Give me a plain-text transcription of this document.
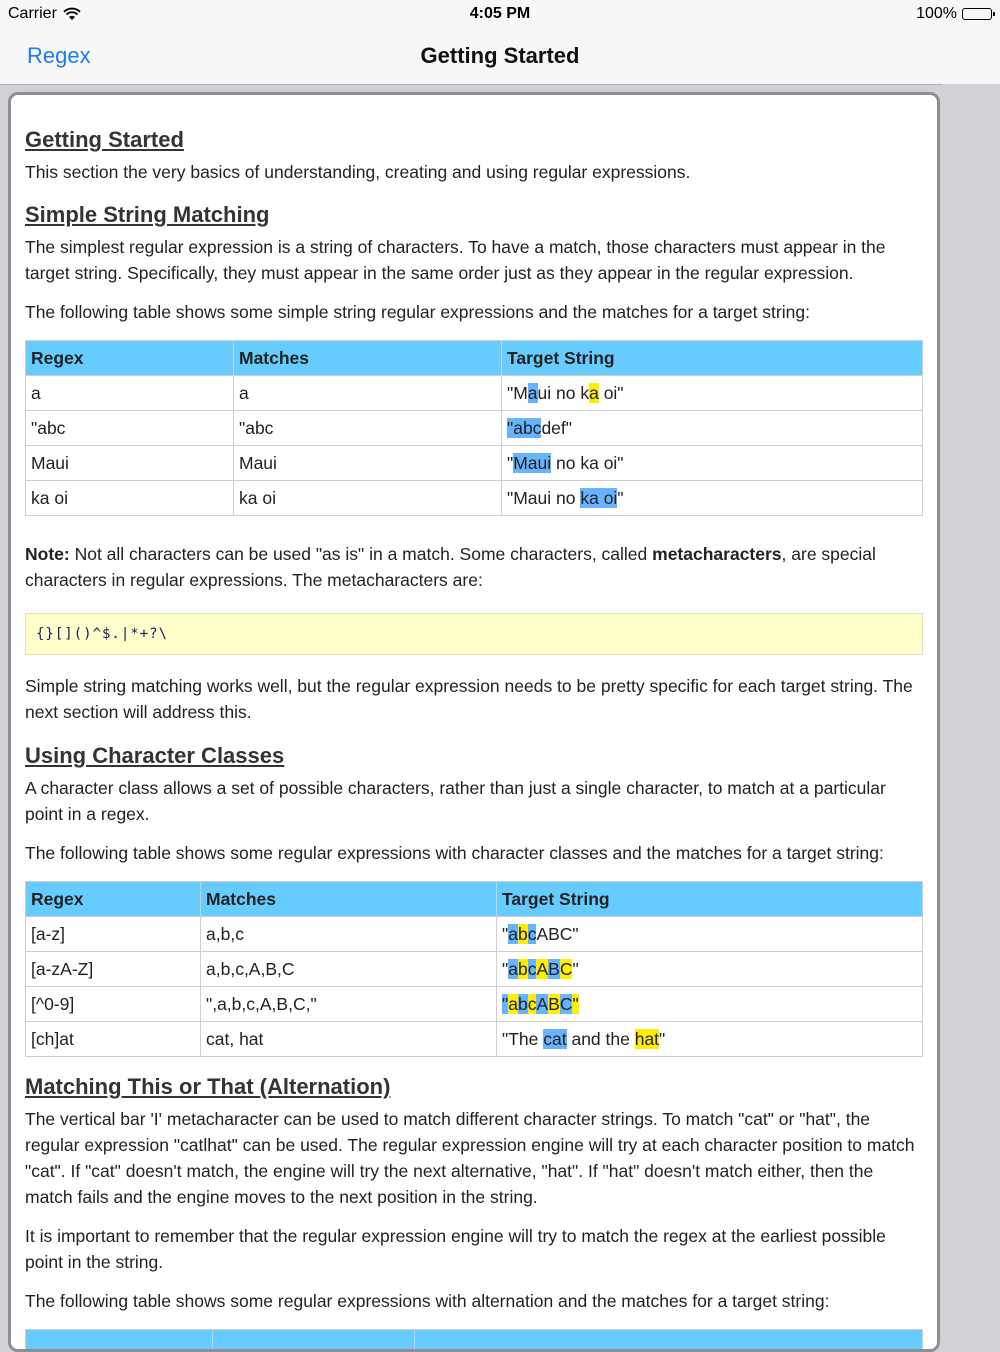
Carrier	4:05 PM	100%
Regex	Getting Started
Getting Started

This section the very basics of understanding, creating and using regular expressions.

Simple String Matching

The simplest regular expression is a string of characters. To have a match, those characters must appear in the target string. Specifically, they must appear in the same order just as they appear in the regular expression.

The following table shows some simple string regular expressions and the matches for a target string:

Regex	Matches	Target String
a	a	"Maui no ka oi"
"abc	"abc	"abcdef"
Maui	Maui	"Maui no ka oi"
ka oi	ka oi	"Maui no ka oi"

Note: Not all characters can be used "as is" in a match. Some characters, called metacharacters, are special characters in regular expressions. The metacharacters are:

{}[]()^$.|*+?\

Simple string matching works well, but the regular expression needs to be pretty specific for each target string. The next section will address this.

Using Character Classes

A character class allows a set of possible characters, rather than just a single character, to match at a particular point in a regex.

The following table shows some regular expressions with character classes and the matches for a target string:

Regex	Matches	Target String
[a-z]	a,b,c	"abcABC"
[a-zA-Z]	a,b,c,A,B,C	"abcABC"
[^0-9]	",a,b,c,A,B,C,"	"abcABC"
[ch]at	cat, hat	"The cat and the hat"
Matching This or That (Alternation)

The vertical bar 'I' metacharacter can be used to match different character strings. To match "cat" or "hat", the regular expression "catlhat" can be used. The regular expression engine will try at each character position to match "cat". If "cat" doesn't match, the engine will try the next alternative, "hat". If "hat" doesn't match either, then the match fails and the engine moves to the next position in the string.

It is important to remember that the regular expression engine will try to match the regex at the earliest possible point in the string.

The following table shows some regular expressions with alternation and the matches for a target string:
